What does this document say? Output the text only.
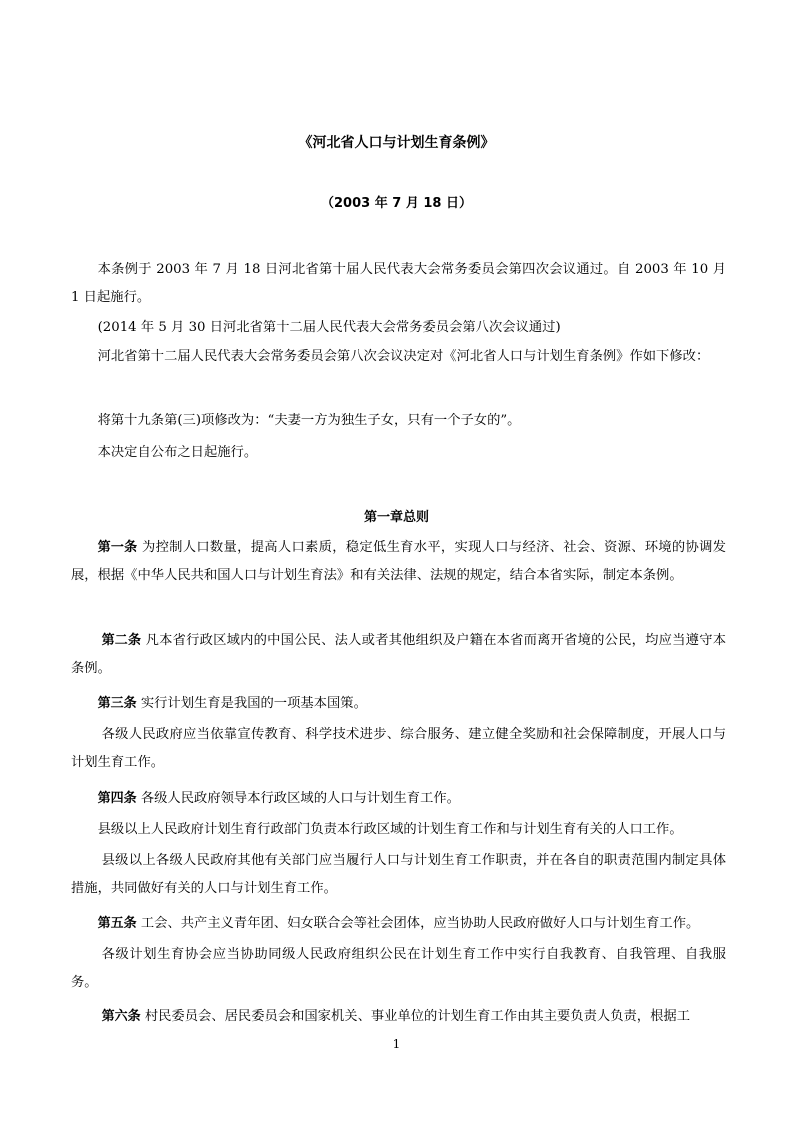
《河北省人口与计划生育条例》
（2003 年 7 月 18 日）
本条例于 2003 年 7 月 18 日河北省第十届人民代表大会常务委员会第四次会议通过。自 2003 年 10 月 1 日起施行。
(2014 年 5 月 30 日河北省第十二届人民代表大会常务委员会第八次会议通过)
河北省第十二届人民代表大会常务委员会第八次会议决定对《河北省人口与计划生育条例》作如下修改：
将第十九条第(三)项修改为：“夫妻一方为独生子女，只有一个子女的”。
本决定自公布之日起施行。
第一章总则
第一条 为控制人口数量，提高人口素质，稳定低生育水平，实现人口与经济、社会、资源、环境的协调发展，根据《中华人民共和国人口与计划生育法》和有关法律、法规的规定，结合本省实际，制定本条例。
第二条 凡本省行政区域内的中国公民、法人或者其他组织及户籍在本省而离开省境的公民，均应当遵守本条例。
第三条 实行计划生育是我国的一项基本国策。
各级人民政府应当依靠宣传教育、科学技术进步、综合服务、建立健全奖励和社会保障制度，开展人口与计划生育工作。
第四条 各级人民政府领导本行政区域的人口与计划生育工作。
县级以上人民政府计划生育行政部门负责本行政区域的计划生育工作和与计划生育有关的人口工作。
县级以上各级人民政府其他有关部门应当履行人口与计划生育工作职责，并在各自的职责范围内制定具体措施，共同做好有关的人口与计划生育工作。
第五条 工会、共产主义青年团、妇女联合会等社会团体，应当协助人民政府做好人口与计划生育工作。
各级计划生育协会应当协助同级人民政府组织公民在计划生育工作中实行自我教育、自我管理、自我服务。
第六条 村民委员会、居民委员会和国家机关、事业单位的计划生育工作由其主要负责人负责，根据工
1
